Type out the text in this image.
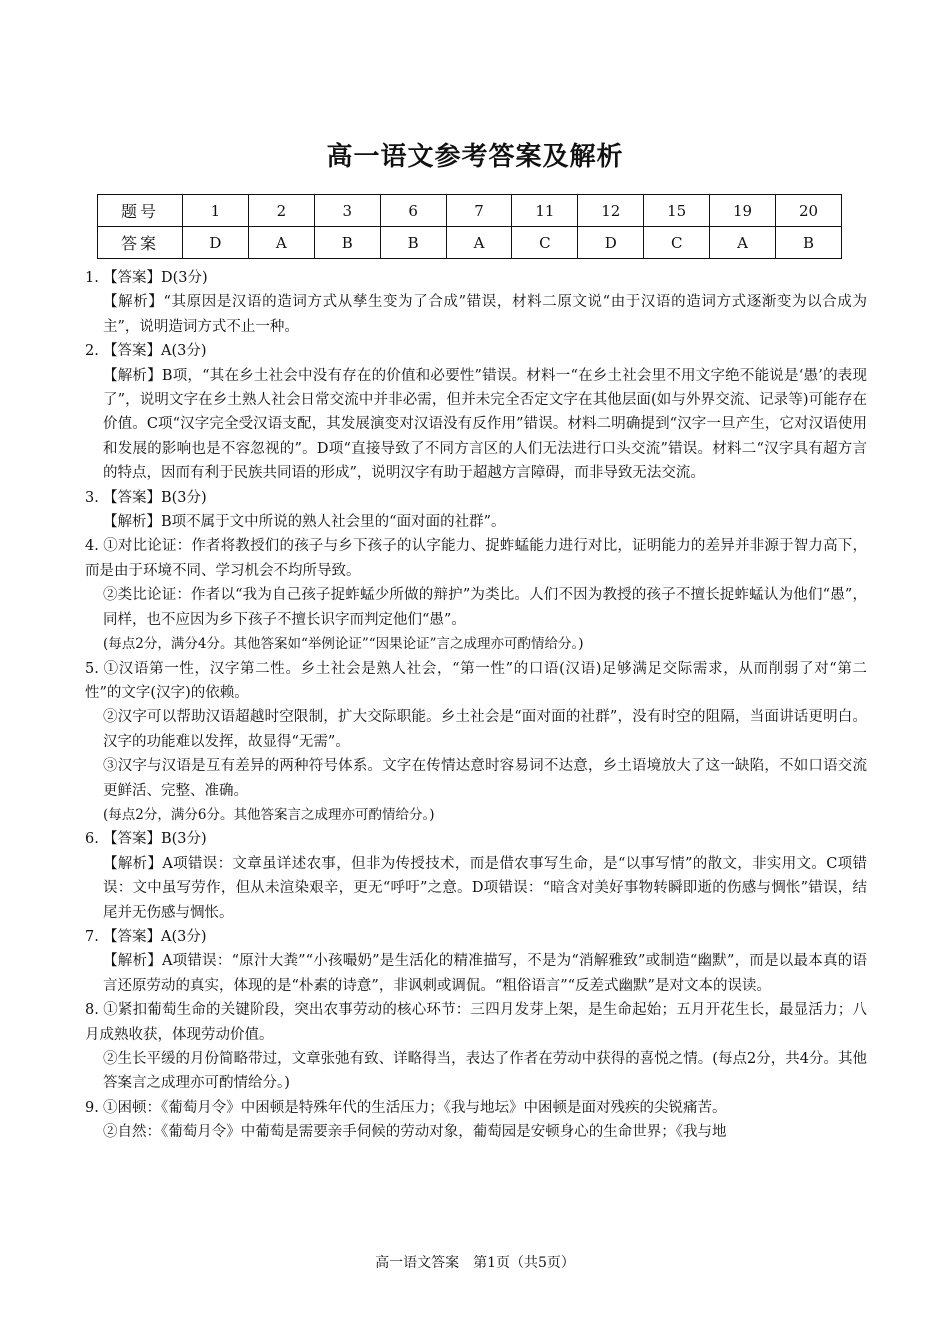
高一语文参考答案及解析
题号	1	2	3	6	7	11	12	15	19	20
答案	D	A	B	B	A	C	D	C	A	B

1. 【答案】D(3分)

【解析】“其原因是汉语的造词方式从孳生变为了合成”错误，材料二原文说“由于汉语的造词方式逐渐变为以合成为主”，说明造词方式不止一种。

2. 【答案】A(3分)

【解析】B项，“其在乡土社会中没有存在的价值和必要性”错误。材料一“在乡土社会里不用文字绝不能说是‘愚’的表现了”，说明文字在乡土熟人社会日常交流中并非必需，但并未完全否定文字在其他层面(如与外界交流、记录等)可能存在价值。C项“汉字完全受汉语支配，其发展演变对汉语没有反作用”错误。材料二明确提到“汉字一旦产生，它对汉语使用和发展的影响也是不容忽视的”。D项“直接导致了不同方言区的人们无法进行口头交流”错误。材料二“汉字具有超方言的特点，因而有利于民族共同语的形成”，说明汉字有助于超越方言障碍，而非导致无法交流。

3. 【答案】B(3分)

【解析】B项不属于文中所说的熟人社会里的“面对面的社群”。

4. ①对比论证：作者将教授们的孩子与乡下孩子的认字能力、捉蚱蜢能力进行对比，证明能力的差异并非源于智力高下，而是由于环境不同、学习机会不均所导致。

②类比论证：作者以“我为自己孩子捉蚱蜢少所做的辩护”为类比。人们不因为教授的孩子不擅长捉蚱蜢认为他们“愚”，同样，也不应因为乡下孩子不擅长识字而判定他们“愚”。

(每点2分，满分4分。其他答案如“举例论证”“因果论证”言之成理亦可酌情给分。)

5. ①汉语第一性，汉字第二性。乡土社会是熟人社会，“第一性”的口语(汉语)足够满足交际需求，从而削弱了对“第二性”的文字(汉字)的依赖。

②汉字可以帮助汉语超越时空限制，扩大交际职能。乡土社会是“面对面的社群”，没有时空的阻隔，当面讲话更明白。汉字的功能难以发挥，故显得“无需”。

③汉字与汉语是互有差异的两种符号体系。文字在传情达意时容易词不达意，乡土语境放大了这一缺陷，不如口语交流更鲜活、完整、准确。

(每点2分，满分6分。其他答案言之成理亦可酌情给分。)

6. 【答案】B(3分)

【解析】A项错误：文章虽详述农事，但非为传授技术，而是借农事写生命，是“以事写情”的散文，非实用文。C项错误：文中虽写劳作，但从未渲染艰辛，更无“呼吁”之意。D项错误：“暗含对美好事物转瞬即逝的伤感与惆怅”错误，结尾并无伤感与惆怅。

7. 【答案】A(3分)

【解析】A项错误：“原汁大粪”“小孩嘬奶”是生活化的精准描写，不是为“消解雅致”或制造“幽默”，而是以最本真的语言还原劳动的真实，体现的是“朴素的诗意”，非讽刺或调侃。“粗俗语言”“反差式幽默”是对文本的误读。

8. ①紧扣葡萄生命的关键阶段，突出农事劳动的核心环节：三四月发芽上架，是生命起始；五月开花生长，最显活力；八月成熟收获，体现劳动价值。

②生长平缓的月份简略带过，文章张弛有致、详略得当，表达了作者在劳动中获得的喜悦之情。(每点2分，共4分。其他答案言之成理亦可酌情给分。)

9. ①困顿：《葡萄月令》中困顿是特殊年代的生活压力；《我与地坛》中困顿是面对残疾的尖锐痛苦。

②自然：《葡萄月令》中葡萄是需要亲手伺候的劳动对象，葡萄园是安顿身心的生命世界；《我与地

高一语文答案　第1页（共5页）
